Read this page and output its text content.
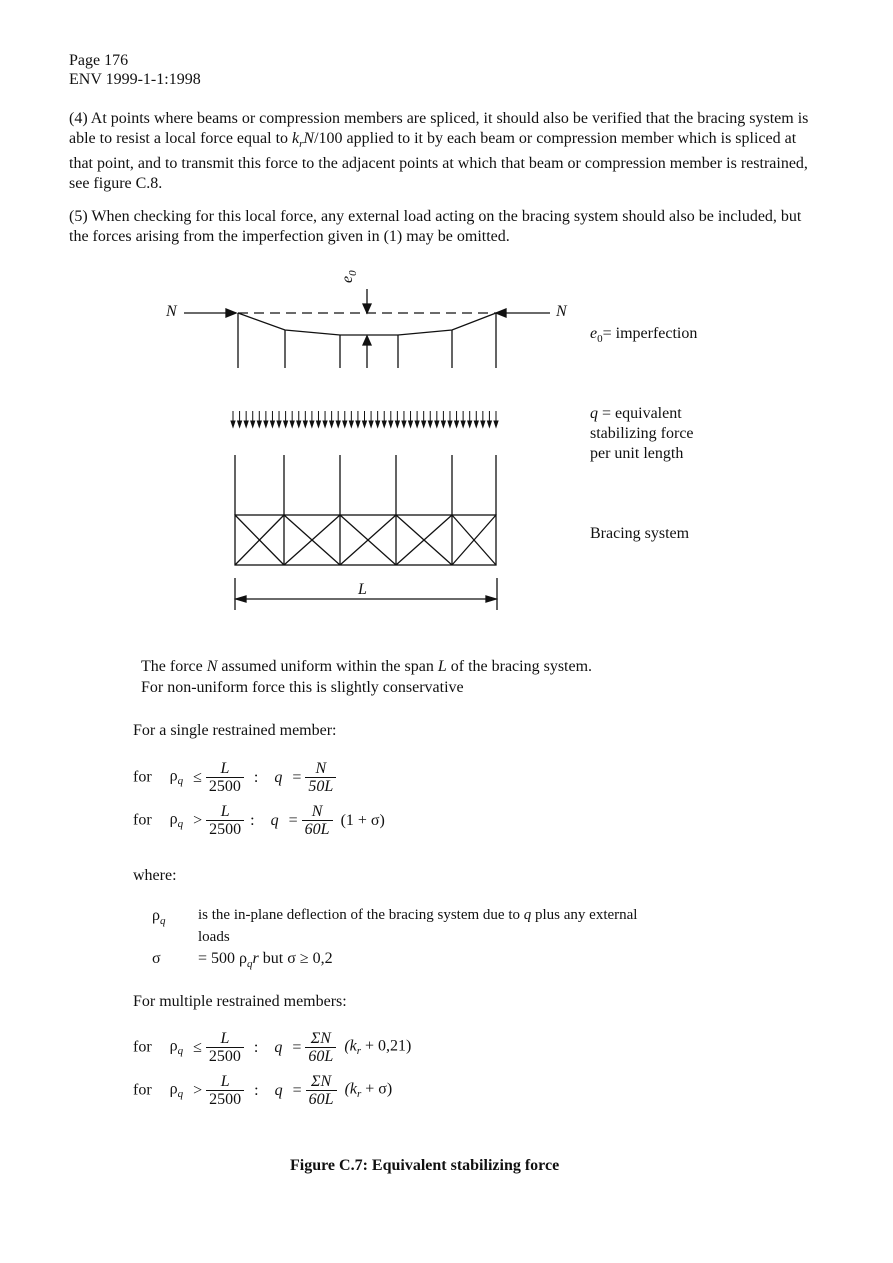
Page 176
ENV 1999-1-1:1998
(4) At points where beams or compression members are spliced, it should also be verified that the bracing system is able to resist a local force equal to $k_rN/100$ applied to it by each beam or compression member which is spliced at that point, and to transmit this force to the adjacent points at which that beam or compression member is restrained, see figure C.8.
(5) When checking for this local force, any external load acting on the bracing system should also be included, but the forces arising from the imperfection given in (1) may be omitted.
N	N
$e_0$
L
$e_0=$ imperfection
q = equivalent
stabilizing force
per unit length
Bracing system
The force N assumed uniform within the span L of the bracing system.
For non-uniform force this is slightly conservative
For a single restrained member:
for $\rho_q \le \frac{L}{2500}$ : $q = \frac{N}{50L}$
for $\rho_q > \frac{L}{2500}$ : $q = \frac{N}{60L} (1 + \sigma)$
where:
$\rho_q$ is the in-plane deflection of the bracing system due to q plus any external
loads
σ = 500 $\rho_qr$ but σ ≥ 0,2
For multiple restrained members:
for $\rho_q \le \frac{L}{2500}$ : $q = \frac{\Sigma N}{60L} (k_r + 0,21)$
for $\rho_q > \frac{L}{2500}$ : $q = \frac{\Sigma N}{60L} (k_r + \sigma)$
Figure C.7: Equivalent stabilizing force
